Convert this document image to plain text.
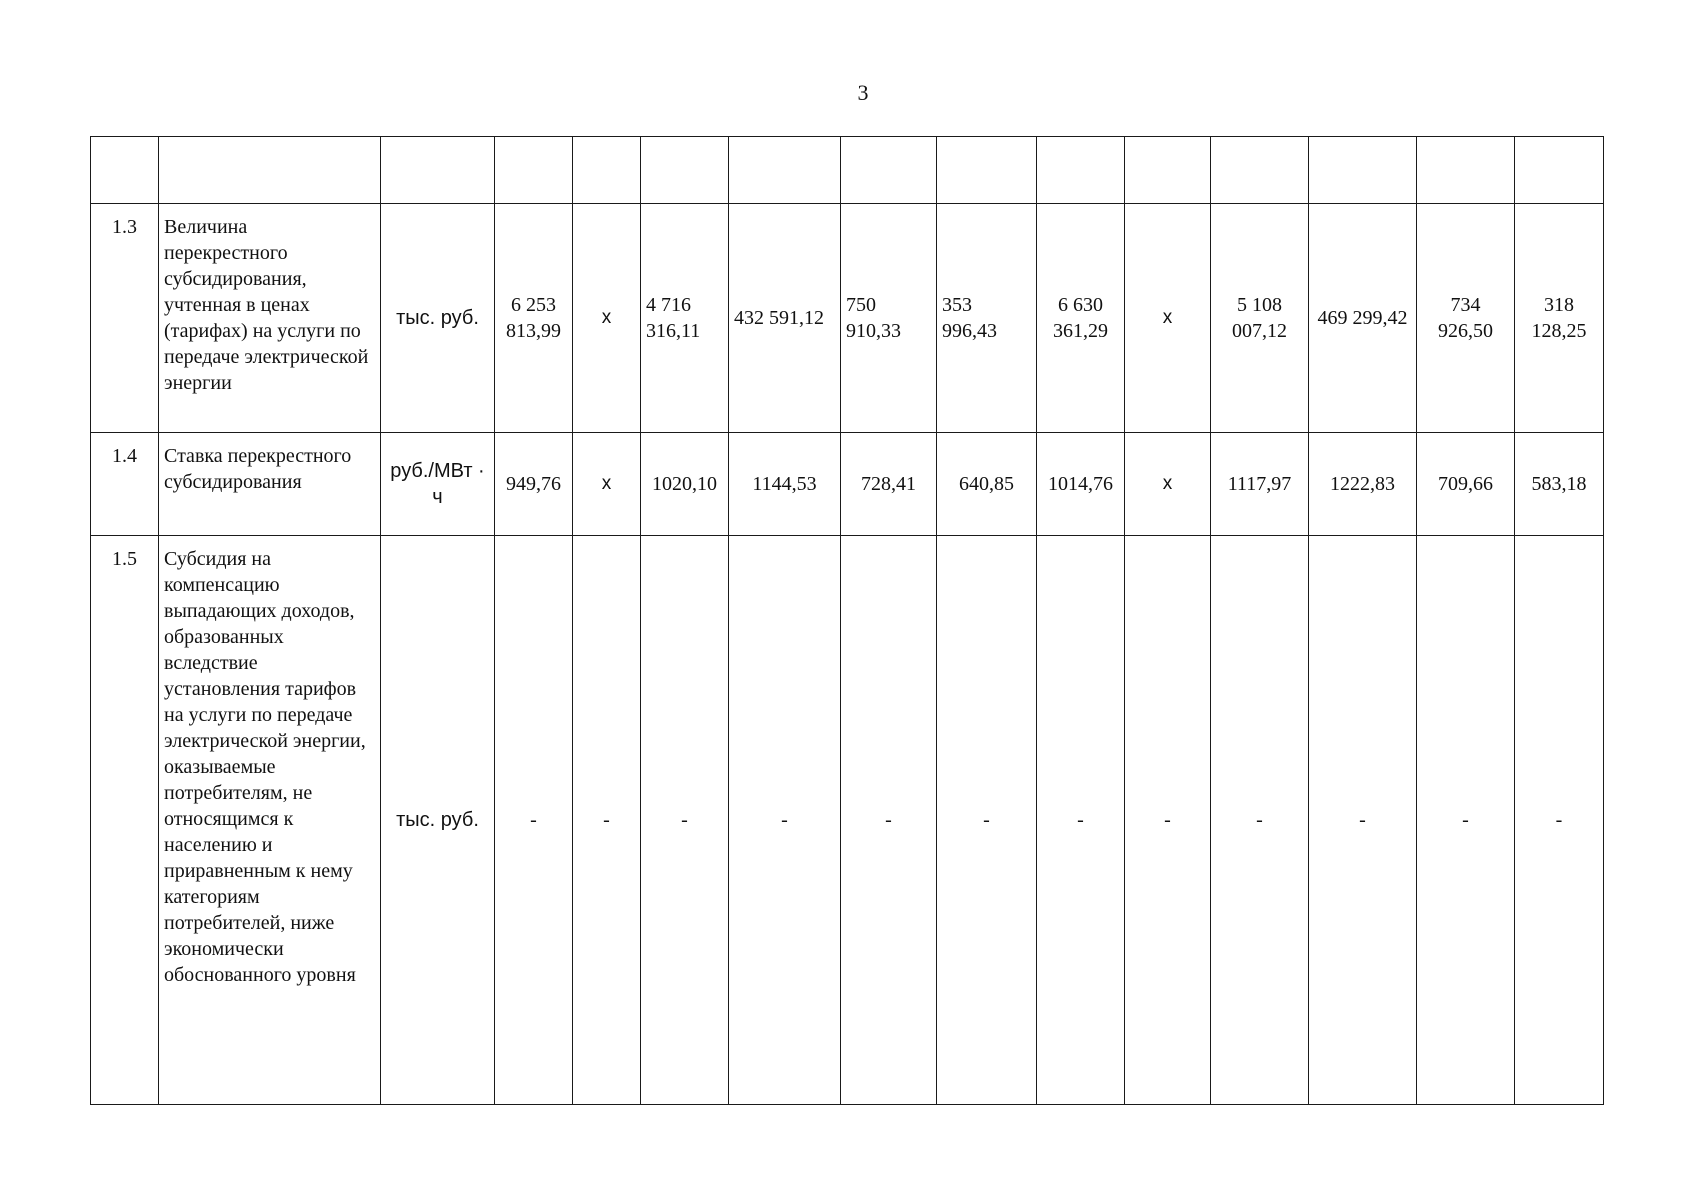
3

1.3	Величина перекрестного субсидирования, учтенная в ценах (тарифах) на услуги по передаче электрической энергии	тыс. руб.	6 253 813,99	x	4 716 316,11	432 591,12	750 910,33	353 996,43	6 630 361,29	x	5 108 007,12	469 299,42	734 926,50	318 128,25
1.4	Ставка перекрестного субсидирования	руб./МВт · ч	949,76	x	1020,10	1144,53	728,41	640,85	1014,76	x	1117,97	1222,83	709,66	583,18
1.5	Субсидия на компенсацию выпадающих доходов, образованных вследствие установления тарифов на услуги по передаче электрической энергии, оказываемые потребителям, не относящимся к населению и приравненным к нему категориям потребителей, ниже экономически обоснованного уровня	тыс. руб.	-	-	-	-	-	-	-	-	-	-	-	-
